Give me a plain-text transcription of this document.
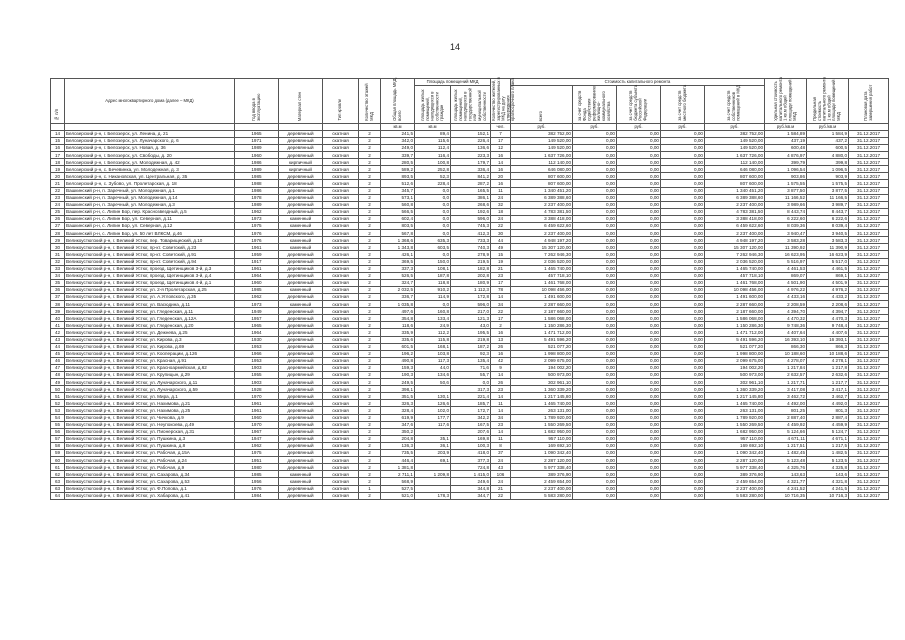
14
№ п/п	Адрес многоквартирного дома (далее – МКД)	Год ввода в эксплуатацию	Материал стен	Тип кровли	Количество этажей МКД	Общая площадь МКД, всего	Площадь помещений МКД		Количество жителей, зарегистрированных в МКД на дату утверждения краткосрочного плана	Стоимость капитального ремонта					Удельная стоимость капитального ремонта 1 кв.м общей площади помещений МКД	Предельная стоимость капитального ремонта 1 кв.м общей площади помещений МКД	Плановая дата завершения работ
							площадь жилых помещений, находящихся в собственности граждан	площадь жилых помещений, находящихся в государственной или муниципальной собственности		всего	за счет средств Фонда содействия реформированию жилищно-коммунального хозяйства	за счет средств бюджета субъекта Российской Федерации	за счет средств местного бюджета	за счет средств собственников помещений в МКД			
						кв.м	кв.м		чел.	руб.	руб.	руб.	руб.	руб.	руб./кв.м	руб./кв.м	
14	Белозерский р-н, г. Белозерск, ул. Ленина, д. 21	1965	деревянный	скатная	2	241,5	89,4	152,1	7	382 752,00	0,00	0,00	0,00	382 752,00	1 584,89	1 584,9	31.12.2017
15	Белозерский р-н, г. Белозерск, ул. Луначарского, д. 6	1971	деревянный	скатная	2	342,0	115,6	226,4	17	149 520,00	0,00	0,00	0,00	149 520,00	437,19	437,2	31.12.2017
16	Белозерский р-н, г. Белозерск, ул. Новая, д. 36	1989	деревянный	скатная	2	249,0	112,4	136,6	12	149 520,00	0,00	0,00	0,00	149 520,00	600,48	600,5	31.12.2017
17	Белозерский р-н, г. Белозерск, ул. Свободы, д. 20	1960	деревянный	скатная	2	339,7	116,4	223,3	16	1 637 726,00	0,00	0,00	0,00	1 637 726,00	4 876,97	4 880,0	31.12.2017
18	Белозерский р-н, г. Белозерск, ул. Молодежная, д. 42	1986	кирпичный	скатная	2	280,5	100,8	179,7	14	112 140,00	0,00	0,00	0,00	112 140,00	399,79	399,8	31.12.2017
19	Белозерский р-н, с. Бечевинка, ул. Молодежная, д. 3	1989	кирпичный	скатная	2	589,2	252,8	336,4	16	646 080,00	0,00	0,00	0,00	646 080,00	1 096,54	1 096,5	31.12.2017
20	Белозерский р-н, с. Никановская, ул. Центральная, д. 35	1985	деревянный	скатная	2	893,5	52,3	841,2	20	807 600,00	0,00	0,00	0,00	807 600,00	903,86	903,9	31.12.2017
21	Белозерский р-н, с. Зубово, ул. Пролетарская, д. 18	1988	деревянный	скатная	2	512,6	228,4	287,2	16	807 600,00	0,00	0,00	0,00	807 600,00	1 575,55	1 575,5	31.12.2017
22	Вашкинский р-н, п. Заречный, ул. Молодежная, д.1	1986	деревянный	скатная	2	345,7	0,0	165,5	11	1 340 451,20	0,00	0,00	0,00	1 340 451,20	3 877,50	3 877,5	31.12.2017
23	Вашкинский р-н, п. Заречный, ул. Молодежная, д.14	1978	деревянный	скатная	2	573,1	0,0	386,1	24	6 389 388,60	0,00	0,00	0,00	6 389 388,60	11 166,52	11 166,5	31.12.2017
24	Вашкинский р-н, п. Заречный, ул. Молодежная, д.3	1989	деревянный	скатная	2	560,8	0,0	268,6	32	2 237 400,00	0,00	0,00	0,00	2 237 400,00	3 989,66	3 989,7	31.12.2017
25	Вашкинский р-н, с. Липин Бор, пер. Краснозвездный, д.5	1962	деревянный	скатная	2	566,5	0,0	192,6	18	4 783 381,50	0,00	0,00	0,00	4 783 381,50	8 443,74	8 443,7	31.12.2017
26	Вашкинский р-н, с. Липин Бор, ул. Северная, д.11	1973	каменный	скатная	2	602,4	0,0	596,0	24	3 388 418,00	0,00	0,00	0,00	3 388 418,00	6 222,60	6 222,6	31.12.2017
27	Вашкинский р-н, с. Липин Бор, ул. Северная, д.12	1975	каменный	скатная	2	803,5	0,0	745,3	22	6 459 622,60	0,00	0,00	0,00	6 459 622,60	8 039,36	8 039,4	31.12.2017
28	Вашкинский р-н, с. Липин Бор, ул. 50 лет ВЛКСМ, д.46	1976	деревянный	скатная	2	567,8	0,0	412,3	30	2 237 400,00	0,00	0,00	0,00	2 237 400,00	3 940,47	3 940,5	31.12.2017
29	Великоустюгский р-н, г. Великий Устюг, пер. Товарищеский, д.10	1976	каменный	скатная	2	1 368,6	635,3	733,3	44	4 948 197,20	0,00	0,00	0,00	4 948 197,20	3 583,28	3 583,3	31.12.2017
30	Великоустюгский р-н, г. Великий Устюг, пр-кт. Советский, д.23	1961	каменный	скатная	2	1 343,8	603,5	740,3	49	15 307 120,00	0,00	0,00	0,00	15 307 120,00	11 390,92	11 390,9	31.12.2017
31	Великоустюгский р-н, г. Великий Устюг, пр-кт. Советский, д.91	1959	деревянный	скатная	2	426,1	0,0	278,9	15	7 262 946,30	0,00	0,00	0,00	7 262 946,30	16 623,95	16 623,9	31.12.2017
32	Великоустюгский р-н, г. Великий Устюг, пр-кт. Советский, д.94	1917	деревянный	скатная	2	369,5	150,0	219,5	19	2 036 520,00	0,00	0,00	0,00	2 036 520,00	5 516,97	5 517,0	31.12.2017
33	Великоустюгский р-н, г. Великий Устюг, проезд. Щетинщиков 3-й, д.3	1961	деревянный	скатная	2	337,3	108,1	182,8	21	1 465 740,00	0,00	0,00	0,00	1 465 740,00	4 461,53	4 461,5	31.12.2017
34	Великоустюгский р-н, г. Великий Устюг, проезд. Щетинщиков 3-й, д.4	1964	деревянный	скатная	2	526,5	187,8	202,8	23	457 718,10	0,00	0,00	0,00	457 718,10	869,07	869,1	31.12.2017
35	Великоустюгский р-н, г. Великий Устюг, проезд. Щетинщиков 4-й, д.1	1960	деревянный	скатная	2	324,7	118,8	180,9	17	1 461 768,00	0,00	0,00	0,00	1 461 768,00	4 501,90	4 501,9	31.12.2017
36	Великоустюгский р-н, г. Великий Устюг, ул. 2-я Пролетарская, д.25	1985	каменный	скатная	2	2 032,5	910,2	1 112,3	78	10 098 456,00	0,00	0,00	0,00	10 098 456,00	4 976,22	4 976,2	31.12.2017
37	Великоустюгский р-н, г. Великий Устюг, ул. А.Угловского, д.35	1962	деревянный	скатная	2	336,7	114,9	172,8	14	1 491 600,00	0,00	0,00	0,00	1 491 600,00	4 433,16	4 433,2	31.12.2017
38	Великоустюгский р-н, г. Великий Устюг, ул. Васюдина, д.11	1973	каменный	скатная	2	1 035,8	0,0	596,0	34	2 287 660,00	0,00	0,00	0,00	2 287 660,00	2 208,59	2 208,6	31.12.2017
39	Великоустюгский р-н, г. Великий Устюг, ул. Гледенская, д.11	1949	деревянный	скатная	2	497,6	160,8	217,0	22	2 187 660,00	0,00	0,00	0,00	2 187 660,00	4 394,70	4 394,7	31.12.2017
40	Великоустюгский р-н, г. Великий Устюг, ул. Гледенская, д.12А	1957	деревянный	скатная	2	354,8	133,4	121,3	17	1 586 068,00	0,00	0,00	0,00	1 586 068,00	4 470,32	4 470,3	31.12.2017
41	Великоустюгский р-н, г. Великий Устюг, ул. Гледенская, д.20	1965	деревянный	скатная	2	118,6	24,9	43,0	2	1 150 286,30	0,00	0,00	0,00	1 150 286,30	9 748,36	9 748,4	31.12.2017
42	Великоустюгский р-н, г. Великий Устюг, ул. Дежнева, д.25	1964	деревянный	скатная	2	335,9	112,2	195,5	16	1 471 712,00	0,00	0,00	0,00	1 471 712,00	4 407,64	4 407,6	31.12.2017
43	Великоустюгский р-н, г. Великий Устюг, ул. Кирова, д.3	1930	деревянный	скатная	2	335,6	115,8	219,8	13	5 491 596,20	0,00	0,00	0,00	5 491 596,20	16 393,10	16 393,1	31.12.2017
44	Великоустюгский р-н, г. Великий Устюг, ул. Кирова, д.69	1953	деревянный	скатная	2	601,5	168,1	187,2	26	521 077,20	0,00	0,00	0,00	521 077,20	866,30	866,3	31.12.2017
45	Великоустюгский р-н, г. Великий Устюг, ул. Кооперации, д.126	1966	деревянный	скатная	2	196,2	103,8	92,3	16	1 998 800,00	0,00	0,00	0,00	1 998 800,00	10 188,60	10 188,6	31.12.2017
46	Великоустюгский р-н, г. Великий Устюг, ул. Красная, д.91	1953	деревянный	скатная	2	490,8	117,3	135,4	42	2 099 675,00	0,00	0,00	0,00	2 099 675,00	4 278,07	4 278,1	31.12.2017
47	Великоустюгский р-н, г. Великий Устюг, ул. Красноармейская, д.62	1903	деревянный	скатная	2	159,3	44,0	71,6	9	194 002,20	0,00	0,00	0,00	194 002,20	1 217,84	1 217,8	31.12.2017
48	Великоустюгский р-н, г. Великий Устюг, ул. Крупицын, д.29	1955	деревянный	скатная	2	190,3	134,6	55,7	14	500 973,00	0,00	0,00	0,00	500 973,00	2 632,57	2 632,6	31.12.2017
49	Великоустюгский р-н, г. Великий Устюг, ул. Луначарского, д.11	1903	деревянный	скатная	2	249,5	50,6	0,0	26	302 961,10	0,00	0,00	0,00	302 961,10	1 217,71	1 217,7	31.12.2017
50	Великоустюгский р-н, г. Великий Устюг, ул. Луначарского, д.59	1928	деревянный	скатная	2	398,1		317,3	23	1 360 339,20	0,00	0,00	0,00	1 360 339,20	3 417,08	3 417,1	31.12.2017
51	Великоустюгский р-н, г. Великий Устюг, ул. Мира, д.1	1970	деревянный	скатная	2	351,5	130,1	221,4	14	1 217 145,80	0,00	0,00	0,00	1 217 145,80	3 462,72	3 462,7	31.12.2017
52	Великоустюгский р-н, г. Великий Устюг, ул. Нахимова, д.21	1961	деревянный	скатная	2	326,3	126,6	185,7	11	1 465 740,00	0,00	0,00	0,00	1 465 740,00	4 492,00	4 492,0	31.12.2017
53	Великоустюгский р-н, г. Великий Устюг, ул. Нахимова, д.25	1961	деревянный	скатная	2	328,4	102,0	172,7	14	263 131,00	0,00	0,00	0,00	263 131,00	801,25	801,3	31.12.2017
54	Великоустюгский р-н, г. Великий Устюг, ул. Чичкова, д.9	1960	деревянный	скатная	2	619,9	177,7	342,2	34	1 789 920,00	0,00	0,00	0,00	1 789 920,00	2 887,40	2 887,4	31.12.2017
55	Великоустюгский р-н, г. Великий Устюг, ул. Неупокоева, д.49	1970	деревянный	скатная	2	347,6	117,6	167,5	23	1 550 269,50	0,00	0,00	0,00	1 550 269,50	4 459,92	4 459,9	31.12.2017
56	Великоустюгский р-н, г. Великий Устюг, ул. Пионерская, д.31	1967	деревянный	скатная	2	350,2		207,6	14	1 682 950,00	0,00	0,00	0,00	1 682 950,00	5 124,66	5 124,7	31.12.2017
57	Великоустюгский р-н, г. Великий Устюг, ул. Пушкина, д.3	1947	деревянный	скатная	2	204,8	35,1	169,8	11	957 110,00	0,00	0,00	0,00	957 110,00	4 671,11	4 671,1	31.12.2017
58	Великоустюгский р-н, г. Великий Устюг, ул. Пушкина, д.8	1962	деревянный	скатная	2	136,3	36,1	100,3	8	169 692,10	0,00	0,00	0,00	169 692,10	1 217,51	1 217,5	31.12.2017
59	Великоустюгский р-н, г. Великий Устюг, ул. Рабочая, д.15А	1975	деревянный	скатная	2	735,5	203,9	418,0	37	1 090 342,40	0,00	0,00	0,00	1 090 342,40	1 482,45	1 482,5	31.12.2017
60	Великоустюгский р-н, г. Великий Устюг, ул. Рабочая, д.24	1951	деревянный	скатная	2	446,4	69,1	377,3	24	2 287 120,00	0,00	0,00	0,00	2 287 120,00	5 123,48	5 123,5	31.12.2017
61	Великоустюгский р-н, г. Великий Устюг, ул. Рабочая, д.9	1980	деревянный	скатная	2	1 381,8		724,8	43	5 977 338,40	0,00	0,00	0,00	5 977 338,40	4 325,76	4 325,8	31.12.2017
62	Великоустюгский р-н, г. Великий Устюг, ул. Сахарова, д.34	1985	каменный	скатная	2	2 711,1	1 209,8	1 415,0	106	389 376,90	0,00	0,00	0,00	389 376,90	143,63	143,6	31.12.2017
63	Великоустюгский р-н, г. Великий Устюг, ул. Сахарова, д.53	1956	каменный	скатная	2	568,9		249,6	24	2 459 654,00	0,00	0,00	0,00	2 459 654,00	4 321,77	4 321,8	31.12.2017
63	Великоустюгский р-н, г. Великий Устюг, ул. Ф.Попова, д.1	1976	деревянный	скатная	1	527,5		344,8	21	2 237 400,00	0,00	0,00	0,00	2 237 400,00	4 241,52	4 241,5	31.12.2017
64	Великоустюгский р-н, г. Великий Устюг, ул. Хабарова, д.41	1984	деревянный	скатная	2	521,0	178,3	344,7	22	5 583 280,00	0,00	0,00	0,00	5 583 280,00	10 716,35	10 716,3	31.12.2017
